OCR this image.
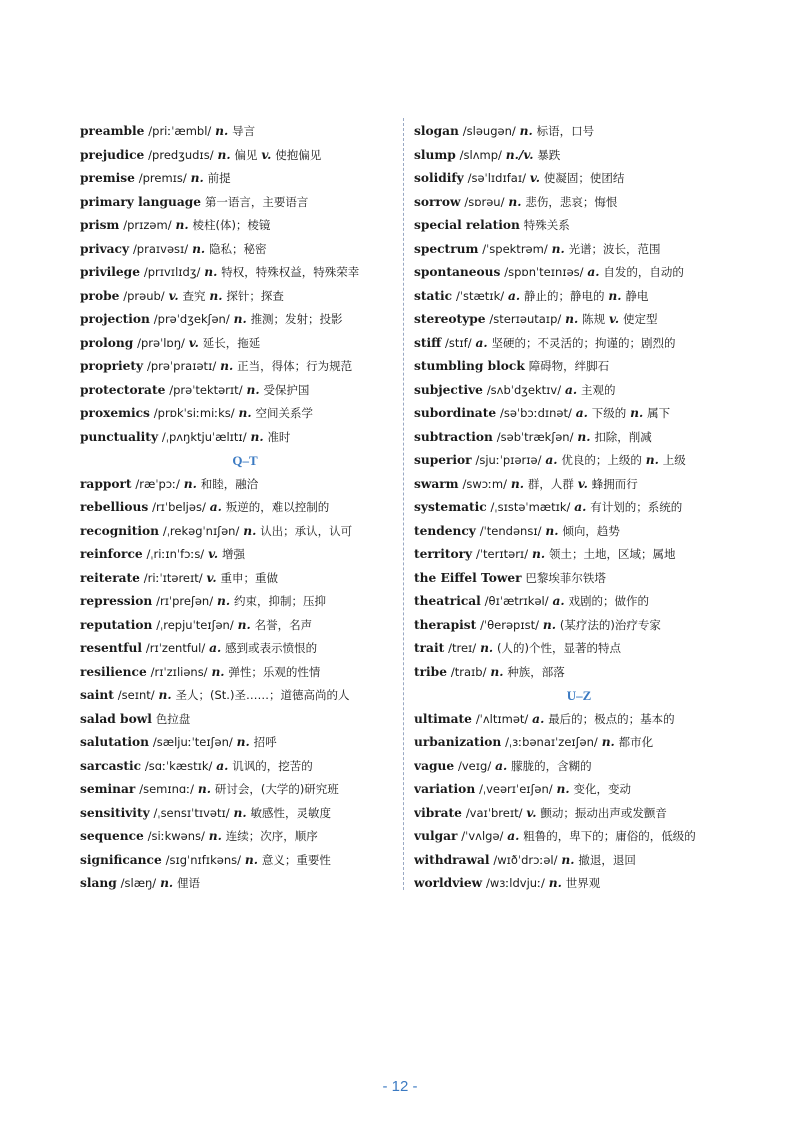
preamble /priːˈæmbl/ n. 导言
prejudice /predʒudɪs/ n. 偏见 v. 使抱偏见
premise /premɪs/ n. 前提
primary language 第一语言，主要语言
prism /prɪzəm/ n. 棱柱(体)；棱镜
privacy /praɪvəsɪ/ n. 隐私；秘密
privilege /prɪvɪlɪdʒ/ n. 特权，特殊权益，特殊荣幸
probe /prəub/ v. 查究 n. 探针；探查
projection /prəˈdʒekʃən/ n. 推测；发射；投影
prolong /prəˈlɒŋ/ v. 延长，拖延
propriety /prəˈpraɪətɪ/ n. 正当，得体；行为规范
protectorate /prəˈtektərɪt/ n. 受保护国
proxemics /prɒkˈsiːmiːks/ n. 空间关系学
punctuality /ˌpʌŋktjuˈælɪtɪ/ n. 准时
Q–T
rapport /ræˈpɔː/ n. 和睦，融洽
rebellious /rɪˈbeljəs/ a. 叛逆的，难以控制的
recognition /ˌrekəgˈnɪʃən/ n. 认出；承认，认可
reinforce /ˌriːɪnˈfɔːs/ v. 增强
reiterate /riːˈɪtəreɪt/ v. 重申；重做
repression /rɪˈpreʃən/ n. 约束，抑制；压抑
reputation /ˌrepjuˈteɪʃən/ n. 名誉，名声
resentful /rɪˈzentful/ a. 感到或表示愤恨的
resilience /rɪˈzɪliəns/ n. 弹性；乐观的性情
saint /seɪnt/ n. 圣人；(St.)圣……；道德高尚的人
salad bowl 色拉盘
salutation /sæljuːˈteɪʃən/ n. 招呼
sarcastic /sɑːˈkæstɪk/ a. 讥讽的，挖苦的
seminar /semɪnɑː/ n. 研讨会，(大学的)研究班
sensitivity /ˌsensɪˈtɪvətɪ/ n. 敏感性，灵敏度
sequence /siːkwəns/ n. 连续；次序，顺序
significance /sɪgˈnɪfɪkəns/ n. 意义；重要性
slang /slæŋ/ n. 俚语
slogan /sləugən/ n. 标语，口号
slump /slʌmp/ n./v. 暴跌
solidify /səˈlɪdɪfaɪ/ v. 使凝固；使团结
sorrow /sɒrəu/ n. 悲伤，悲哀；悔恨
special relation 特殊关系
spectrum /ˈspektrəm/ n. 光谱；波长，范围
spontaneous /spɒnˈteɪnɪəs/ a. 自发的，自动的
static /ˈstætɪk/ a. 静止的；静电的 n. 静电
stereotype /sterɪəutaɪp/ n. 陈规 v. 使定型
stiff /stɪf/ a. 坚硬的；不灵活的；拘谨的；剧烈的
stumbling block 障碍物，绊脚石
subjective /sʌbˈdʒektɪv/ a. 主观的
subordinate /səˈbɔːdɪnət/ a. 下级的 n. 属下
subtraction /səbˈtrækʃən/ n. 扣除，削减
superior /sjuːˈpɪərɪə/ a. 优良的；上级的 n. 上级
swarm /swɔːm/ n. 群，人群 v. 蜂拥而行
systematic /ˌsɪstəˈmætɪk/ a. 有计划的；系统的
tendency /ˈtendənsɪ/ n. 倾向，趋势
territory /ˈterɪtərɪ/ n. 领土；土地，区域；属地
the Eiffel Tower 巴黎埃菲尔铁塔
theatrical /θɪˈætrɪkəl/ a. 戏剧的；做作的
therapist /ˈθerəpɪst/ n. (某疗法的)治疗专家
trait /treɪ/ n. (人的)个性，显著的特点
tribe /traɪb/ n. 种族，部落
U–Z
ultimate /ˈʌltɪmət/ a. 最后的；极点的；基本的
urbanization /ˌɜːbənaɪˈzeɪʃən/ n. 都市化
vague /veɪg/ a. 朦胧的，含糊的
variation /ˌveərɪˈeɪʃən/ n. 变化，变动
vibrate /vaɪˈbreɪt/ v. 颤动；振动出声或发颤音
vulgar /ˈvʌlgə/ a. 粗鲁的，卑下的；庸俗的，低级的
withdrawal /wɪðˈdrɔːəl/ n. 撤退，退回
worldview /wɜːldvjuː/ n. 世界观
- 12 -
